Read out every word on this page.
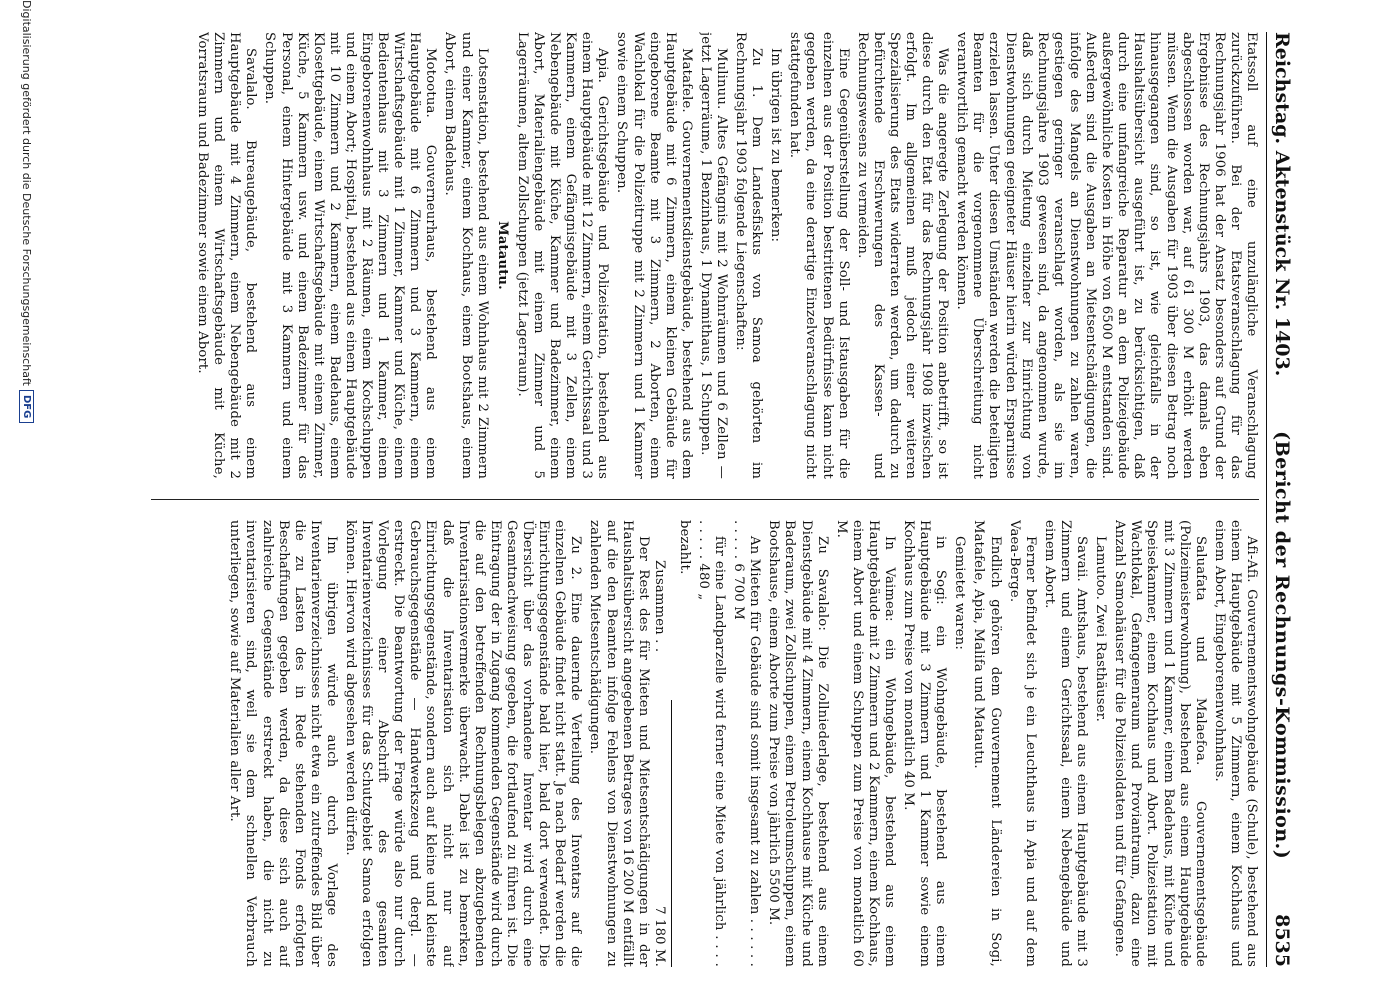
Reichstag. Aktenstück Nr. 1403.
(Bericht der Rechnungs-Kommission.)
8535

Etatssoll auf eine unzulängliche Veranschlagung zurückzuführen. Bei der Etatsveranschlagung für das Rechnungsjahr 1906 hat der Ansatz besonders auf Grund der Ergebnisse des Rechnungsjahrs 1903, das damals eben abgeschlossen worden war, auf 61 300 M erhöht werden müssen. Wenn die Ausgaben für 1903 über diesen Betrag noch hinausgegangen sind, so ist, wie gleichfalls in der Haushaltsübersicht ausgeführt ist, zu berücksichtigen, daß durch eine umfangreiche Reparatur an dem Polizeigebäude außergewöhnliche Kosten in Höhe von 6500 M entstanden sind. Außerdem sind die Ausgaben an Mietsentschädigungen, die infolge des Mangels an Dienstwohnungen zu zahlen waren, gestiegen geringer veranschlagt worden, als sie im Rechnungsjahre 1903 gewesen sind, da angenommen wurde, daß sich durch Mietung einzelner zur Einrichtung von Dienstwohnungen geeigneter Häuser hierin würden Ersparnisse erzielen lassen. Unter diesen Umständen werden die beteiligten Beamten für die vorgenommene Überschreitung nicht verantwortlich gemacht werden können.

Was die angeregte Zerlegung der Position anbetrifft, so ist diese durch den Etat für das Rechnungsjahr 1908 inzwischen erfolgt. Im allgemeinen muß jedoch einer weiteren Spezialisierung des Etats widerraten werden, um dadurch zu befürchtende Erschwerungen des Kassen- und Rechnungswesens zu vermeiden.

Eine Gegenüberstellung der Soll- und Istausgaben für die einzelnen aus der Position bestrittenen Bedürfnisse kann nicht gegeben werden, da eine derartige Einzelveranschlagung nicht stattgefunden hat.

Im übrigen ist zu bemerken:

Zu 1. Dem Landesfiskus von Samoa gehörten im Rechnungsjahr 1903 folgende Liegenschaften:

Mulinuu. Altes Gefängnis mit 2 Wohnräumen und 6 Zellen — jetzt Lagerräume, 1 Benzinhaus, 1 Dynamithaus, 1 Schuppen.

Matafele. Gouvernementsdienstgebäude, bestehend aus dem Hauptgebäude mit 6 Zimmern, einem kleinen Gebäude für eingeborene Beamte mit 3 Zimmern, 2 Aborten, einem Wachlokal für die Polizeitruppe mit 2 Zimmern und 1 Kammer sowie einem Schuppen.

Apia. Gerichtsgebäude und Polizeistation, bestehend aus einem Hauptgebäude mit 12 Zimmern, einem Gerichtssaal und 3 Kammern, einem Gefängnisgebäude mit 3 Zellen, einem Nebengebäude mit Küche, Kammer und Badezimmer, einem Abort, Materialiengebäude mit einem Zimmer und 5 Lagerräumen, altem Zollschuppen (jetzt Lagerraum).

Matautu.

Lotsenstation, bestehend aus einem Wohnhaus mit 2 Zimmern und einer Kammer, einem Kochhaus, einem Bootshaus, einem Abort, einem Badehaus.

Motootua. Gouverneurhaus, bestehend aus einem Hauptgebäude mit 6 Zimmern und 3 Kammern, einem Wirtschaftsgebäude mit 1 Zimmer, Kammer und Küche, einem Bedientenhaus mit 3 Zimmern und 1 Kammer, einem Eingeborenenwohnhaus mit 2 Räumen, einem Kochschuppen und einem Abort; Hospital, bestehend aus einem Hauptgebäude mit 10 Zimmern und 2 Kammern, einem Badehaus, einem Klosettgebäude, einem Wirtschaftsgebäude mit einem Zimmer, Küche, 5 Kammern usw. und einem Badezimmer für das Personal, einem Hintergebäude mit 3 Kammern und einem Schuppen.

Savalalo. Bureaugebäude, bestehend aus einem Hauptgebäude mit 4 Zimmern, einem Nebengebäude mit 2 Zimmern und einem Wirtschaftsgebäude mit Küche, Vorratsraum und Badezimmer sowie einem Abort.

Afi-Afi. Gouvernementswohngebäude (Schule), bestehend aus einem Hauptgebäude mit 5 Zimmern, einem Kochhaus und einem Abort, Eingeborenenwohnhaus.

Saluafata und Malaefoa. Gouvernementsgebäude (Polizeimeisterwohnung), bestehend aus einem Hauptgebäude mit 3 Zimmern und 1 Kammer, einem Badehaus, mit Küche und Speisekammer, einem Kochhaus und Abort. Polizeistation mit Wachtlokal, Gefangenenraum und Proviantraum, dazu eine Anzahl Samoahäuser für die Polizeisoldaten und für Gefangene.

Lamutoo. Zwei Rasthäuser.

Savaii. Amtshaus, bestehend aus einem Hauptgebäude mit 3 Zimmern und einem Gerichtssaal, einem Nebengebäude und einem Abort.

Ferner befindet sich je ein Leuchthaus in Apia und auf dem Vaea-Berge.

Endlich gehören dem Gouvernement Ländereien in Sogi, Matafele, Apia, Malifa und Matautu.

Gemietet waren:

in Sogi: ein Wohngebäude, bestehend aus einem Hauptgebäude mit 3 Zimmern und 1 Kammer sowie einem Kochhaus zum Preise von monatlich 40 M.

In Vaimea: ein Wohngebäude, bestehend aus einem Hauptgebäude mit 2 Zimmern und 2 Kammern, einem Kochhaus, einem Abort und einem Schuppen zum Preise von monatlich 60 M.

Zu Savalalo: Die Zollniederlage, bestehend aus einem Dienstgebäude mit 4 Zimmern, einem Kochhause mit Küche und Baderaum, zwei Zollschuppen, einem Petroleumschuppen, einem Bootshause, einem Aborte zum Preise von jährlich 5500 M.

An Mieten für Gebäude sind somit insgesamt zu zahlen . . . . . . . . . . . 6 700 M

für eine Landparzelle wird ferner eine Miete von jährlich . . . . . . . . . 480 „

bezahlt.

Zusammen . .
7 180 M.

Der Rest des für Mieten und Mietsentschädigungen in der Haushaltsübersicht angegebenen Betrages von 16 200 M entfällt auf die den Beamten infolge Fehlens von Dienstwohnungen zu zahlenden Mietsentschädigungen.

Zu 2. Eine dauernde Verteilung des Inventars auf die einzelnen Gebäude findet nicht statt. Je nach Bedarf werden die Einrichtungsgegenstände bald hier, bald dort verwendet. Die Übersicht über das vorhandene Inventar wird durch eine Gesamtnachweisung gegeben, die fortlaufend zu führen ist. Die Eintragung der in Zugang kommenden Gegenstände wird durch die auf den betreffenden Rechnungsbelegen abzugebenden Inventarisationsvermerke überwacht. Dabei ist zu bemerken, daß die Inventarisation sich nicht nur auf Einrichtungsgegenstände, sondern auch auf kleine und kleinste Gebrauchsgegenstände — Handwerkszeug und dergl. — erstreckt. Die Beantwortung der Frage würde also nur durch Vorlegung einer Abschrift des gesamten Inventarienverzeichnisses für das Schutzgebiet Samoa erfolgen können. Hiervon wird abgesehen werden dürfen.

Im übrigen würde auch durch Vorlage des Inventarienverzeichnisses nicht etwa ein zutreffendes Bild über die zu Lasten des in Rede stehenden Fonds erfolgten Beschaffungen gegeben werden, da diese sich auch auf zahlreiche Gegenstände erstreckt haben, die nicht zu inventarisieren sind, weil sie dem schnellen Verbrauch unterliegen, sowie auf Materialien aller Art.

Digitalisierung gefördert durch die Deutsche Forschungsgemeinschaft
DFG
